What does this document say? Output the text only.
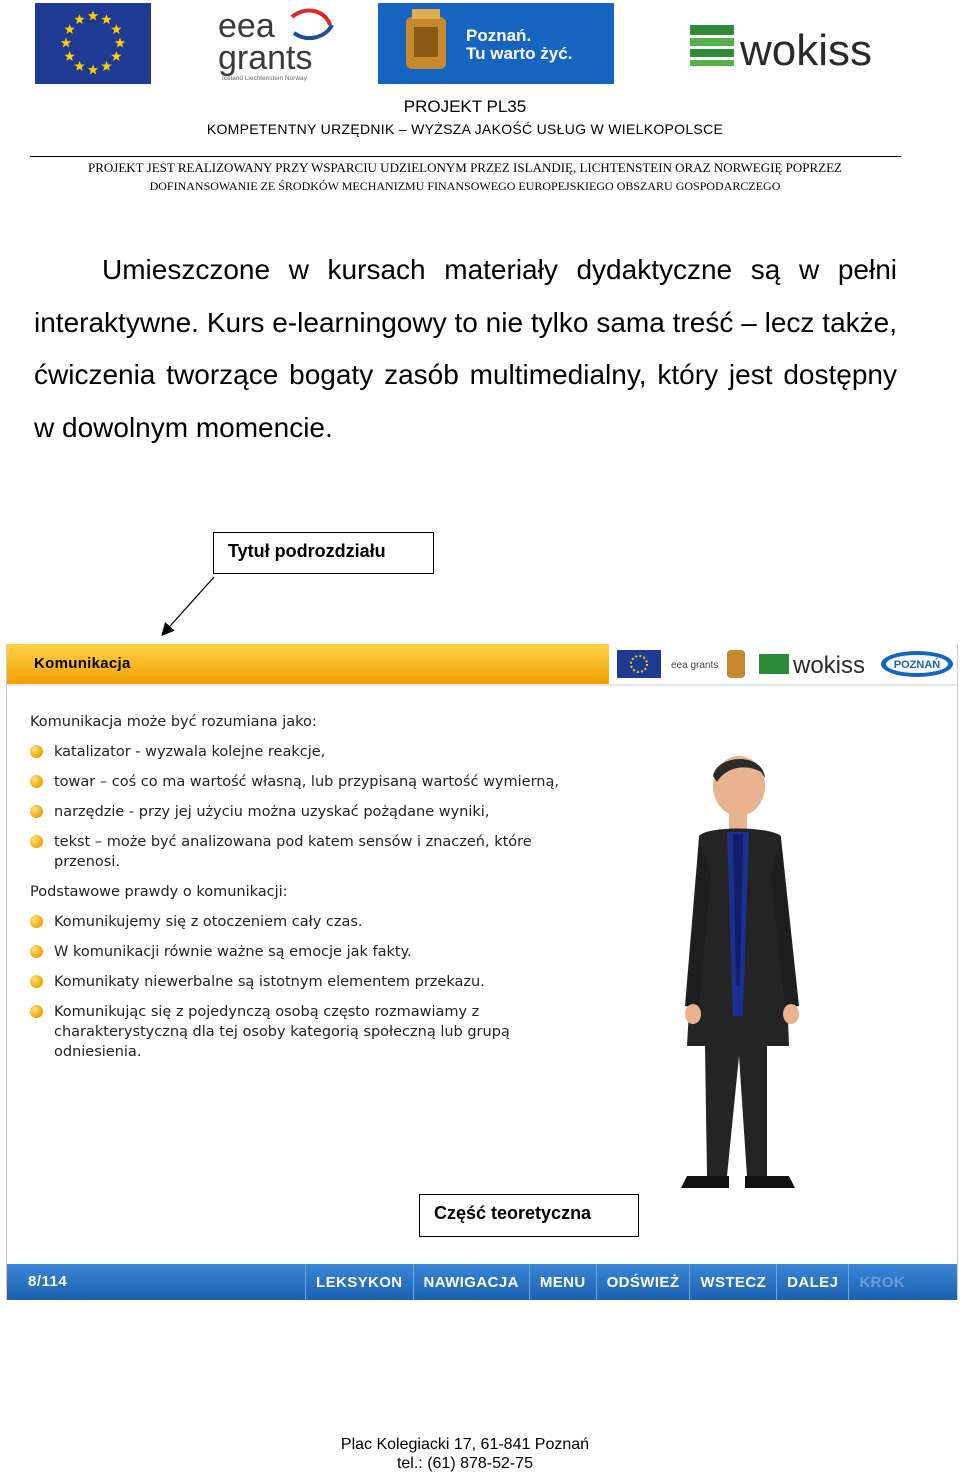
eea
grants
Iceland Liechtenstein Norway
Poznań.
Tu warto żyć.	wokiss
PROJEKT PL35
KOMPETENTNY URZĘDNIK – WYŻSZA JAKOŚĆ USŁUG W WIELKOPOLSCE
PROJEKT JEST REALIZOWANY PRZY WSPARCIU UDZIELONYM PRZEZ ISLANDIĘ, LICHTENSTEIN ORAZ NORWEGIĘ POPRZEZ
DOFINANSOWANIE ZE ŚRODKÓW MECHANIZMU FINANSOWEGO EUROPEJSKIEGO OBSZARU GOSPODARCZEGO
Umieszczone w kursach materiały dydaktyczne są w pełni interaktywne. Kurs e-learningowy to nie tylko sama treść – lecz także, ćwiczenia tworzące bogaty zasób multimedialny, który jest dostępny w dowolnym momencie.
Komunikacja	eea grants	wokiss	POZNAŃ
Komunikacja może być rozumiana jako:
katalizator - wyzwala kolejne reakcje,
towar – coś co ma wartość własną, lub przypisaną wartość wymierną,
narzędzie - przy jej użyciu można uzyskać pożądane wyniki,
tekst – może być analizowana pod katem sensów i znaczeń, które przenosi.
Podstawowe prawdy o komunikacji:
Komunikujemy się z otoczeniem cały czas.
W komunikacji równie ważne są emocje jak fakty.
Komunikaty niewerbalne są istotnym elementem przekazu.
Komunikując się z pojedynczą osobą często rozmawiamy z charakterystyczną dla tej osoby kategorią społeczną lub grupą odniesienia.
8/114	LEKSYKON	NAWIGACJA	MENU	ODŚWIEŻ	WSTECZ	DALEJ	KROK
Tytuł podrozdziału
Część teoretyczna
Plac Kolegiacki 17, 61-841 Poznań
tel.: (61) 878-52-75
